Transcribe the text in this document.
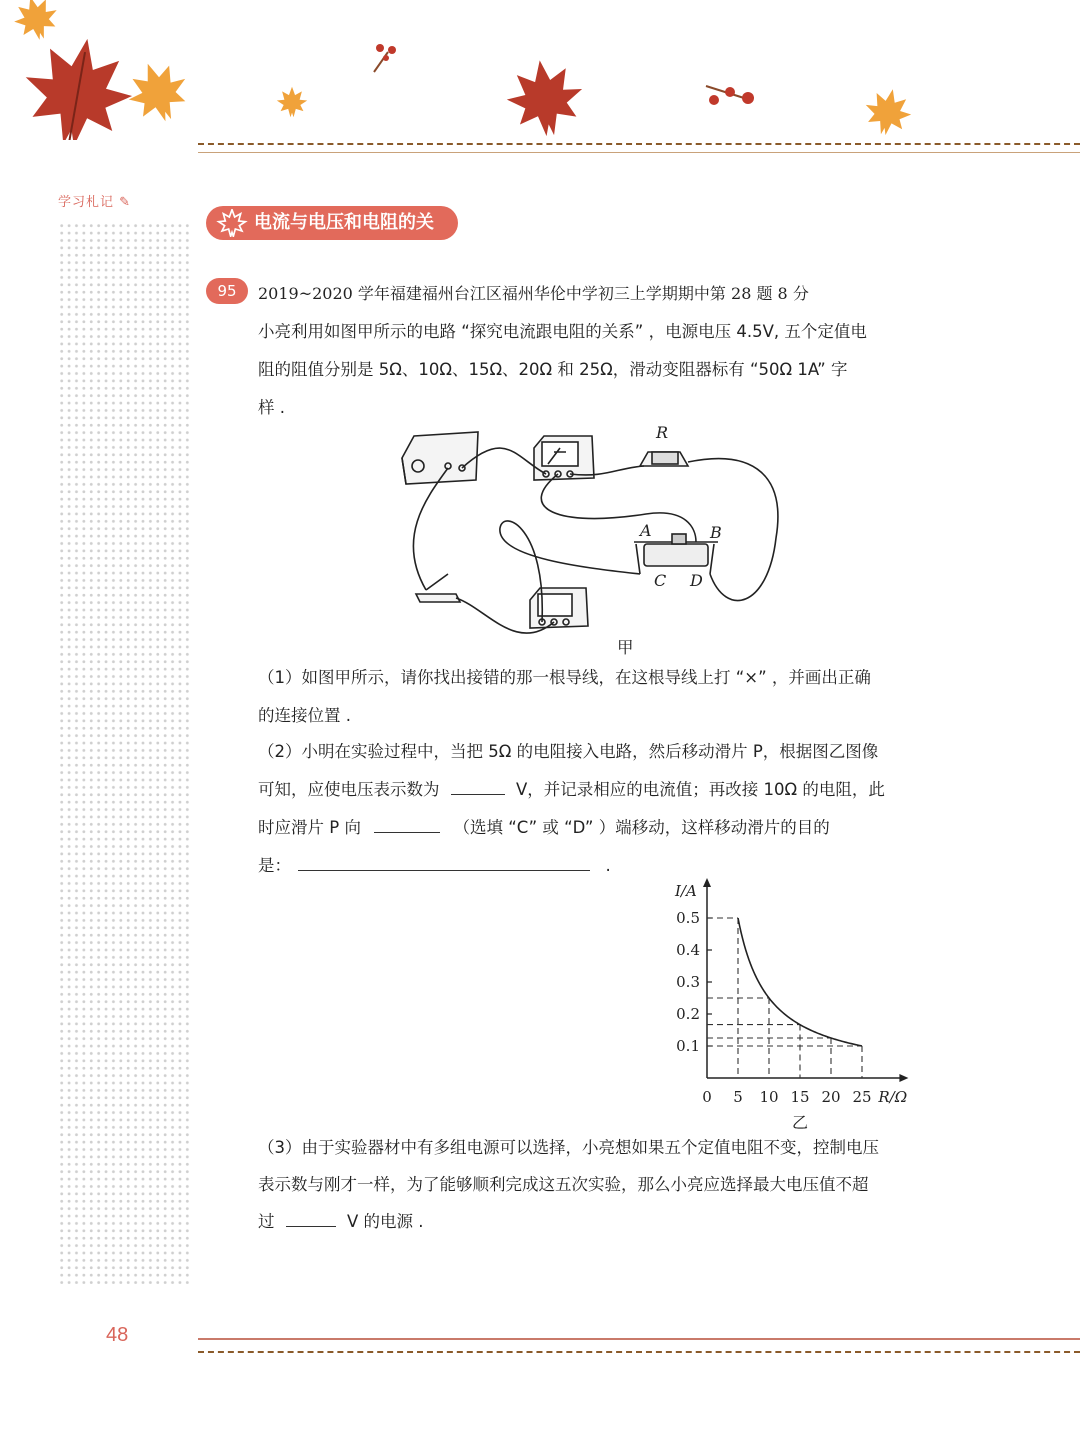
学习札记 ✎
电流与电压和电阻的关
95	2019~2020 学年福建福州台江区福州华伦中学初三上学期期中第 28 题 8 分
小亮利用如图甲所示的电路 “探究电流跟电阻的关系” ，电源电压 4.5V, 五个定值电
阻的阻值分别是 5Ω、10Ω、15Ω、20Ω 和 25Ω，滑动变阻器标有 “50Ω 1A” 字
样 .
R
A	B
C D
甲
（1）如图甲所示，请你找出接错的那一根导线，在这根导线上打 “×” ，并画出正确
的连接位置 .
（2）小明在实验过程中，当把 5Ω 的电阻接入电路，然后移动滑片 P，根据图乙图像
可知，应使电压表示数为	V，并记录相应的电流值；再改接 10Ω 的电阻，此
时应滑片 P 向	（选填 “C” 或 “D” ）端移动，这样移动滑片的目的
是：	.
I/A
R/Ω
0 5 10 15 20 25
0.1
0.2
0.3
0.4
0.5
乙
（3）由于实验器材中有多组电源可以选择，小亮想如果五个定值电阻不变，控制电压
表示数与刚才一样，为了能够顺利完成这五次实验，那么小亮应选择最大电压值不超
过	V 的电源 .
48
